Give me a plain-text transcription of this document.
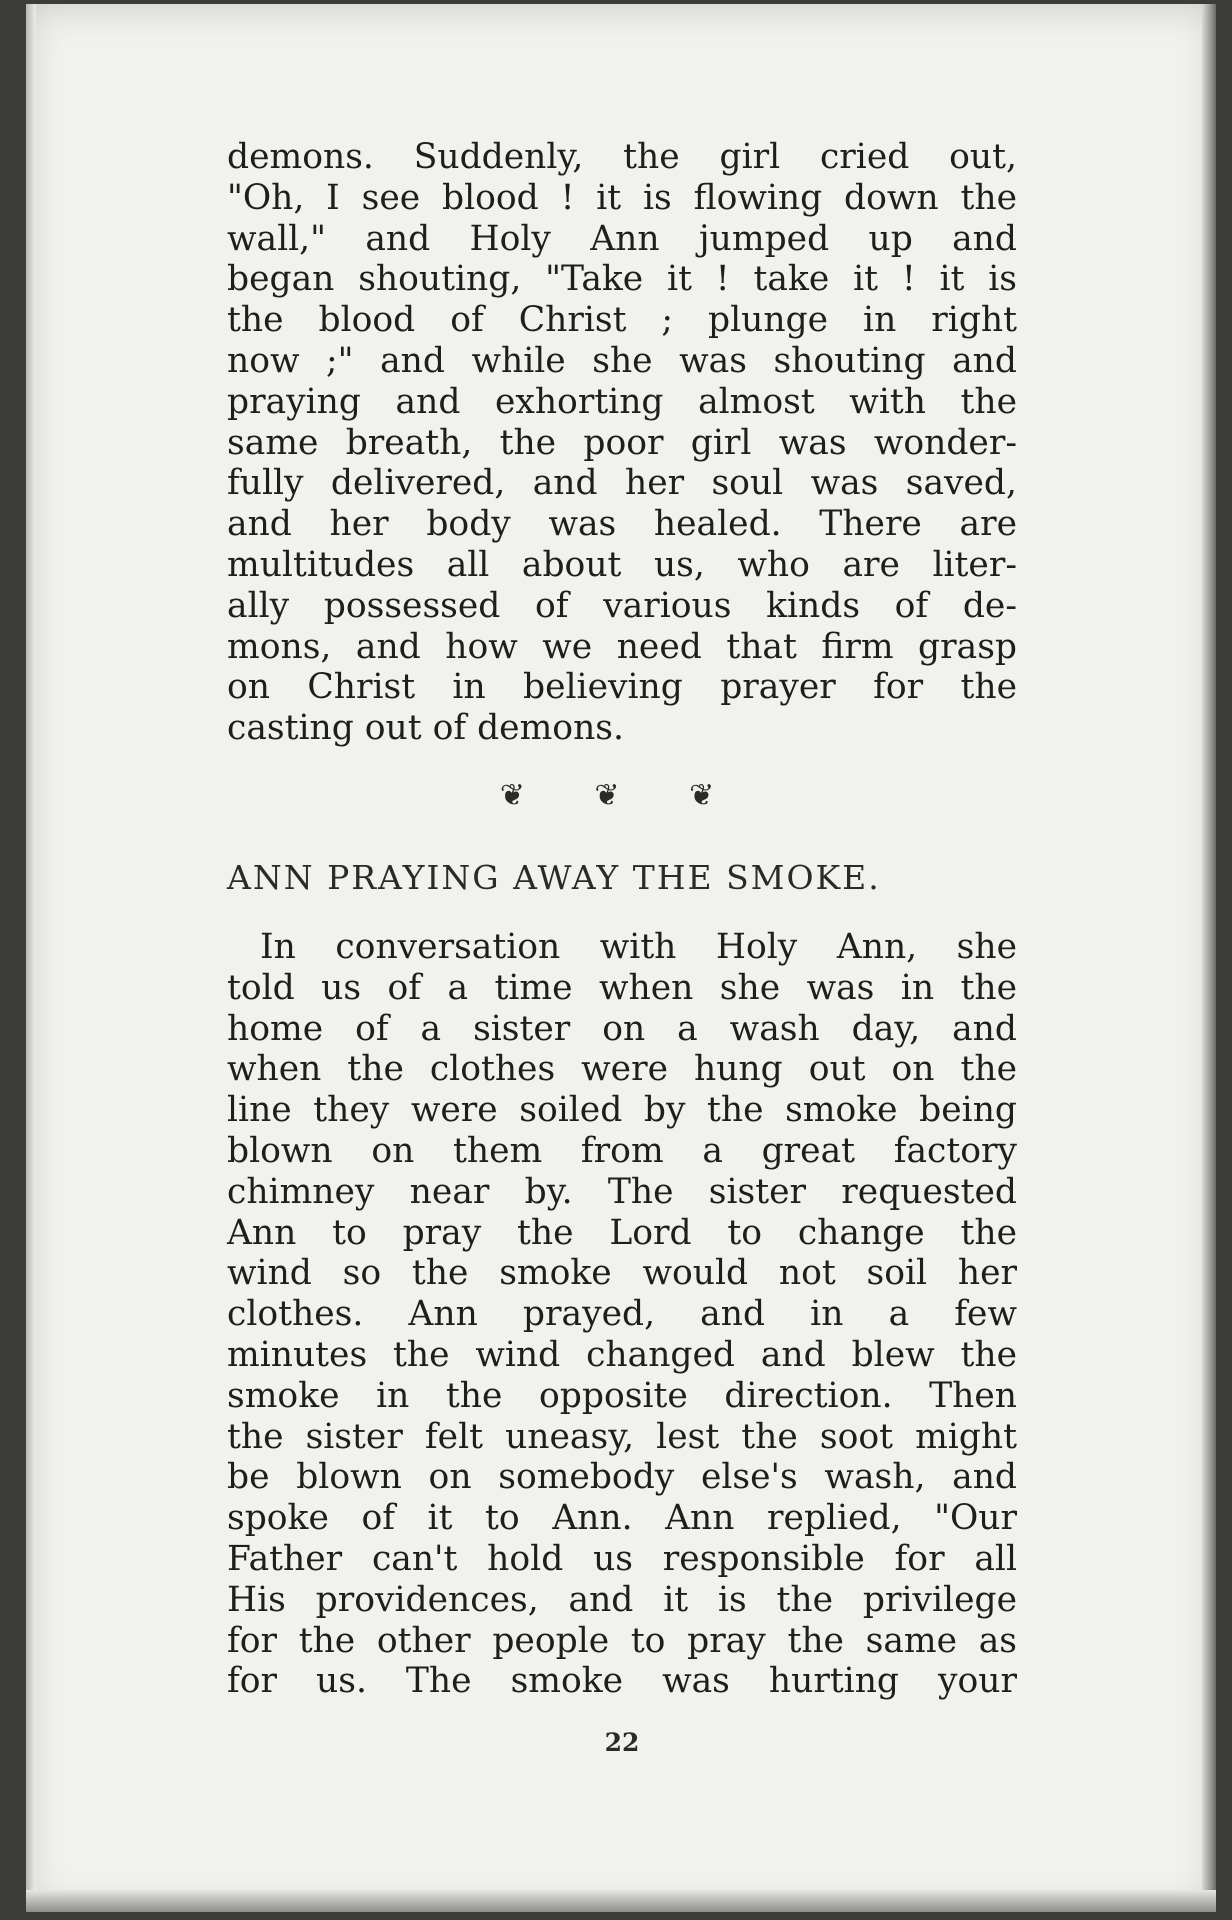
demons. Suddenly, the girl cried out,
"Oh, I see blood ! it is flowing down the
wall," and Holy Ann jumped up and
began shouting, "Take it ! take it ! it is
the blood of Christ ; plunge in right
now ;" and while she was shouting and
praying and exhorting almost with the
same breath, the poor girl was wonder-
fully delivered, and her soul was saved,
and her body was healed. There are
multitudes all about us, who are liter-
ally possessed of various kinds of de-
mons, and how we need that firm grasp
on Christ in believing prayer for the
casting out of demons.

❦ ❦ ❦
ANN PRAYING AWAY THE SMOKE.

In conversation with Holy Ann, she
told us of a time when she was in the
home of a sister on a wash day, and
when the clothes were hung out on the
line they were soiled by the smoke being
blown on them from a great factory
chimney near by. The sister requested
Ann to pray the Lord to change the
wind so the smoke would not soil her
clothes. Ann prayed, and in a few
minutes the wind changed and blew the
smoke in the opposite direction. Then
the sister felt uneasy, lest the soot might
be blown on somebody else's wash, and
spoke of it to Ann. Ann replied, "Our
Father can't hold us responsible for all
His providences, and it is the privilege
for the other people to pray the same as
for us. The smoke was hurting your

22
